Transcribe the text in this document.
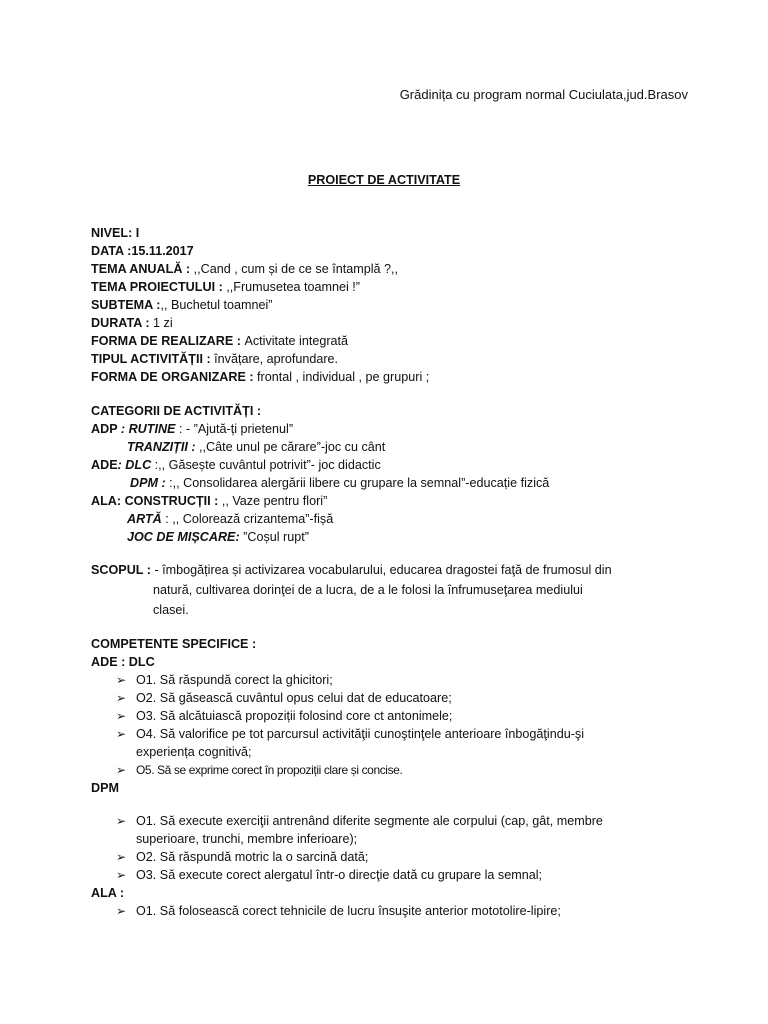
Grădinița cu program normal Cuciulata,jud.Brasov
PROIECT DE ACTIVITATE
NIVEL: I
DATA :15.11.2017
TEMA ANUALĂ : ,,Cand , cum și de ce se întamplă ?,,
TEMA PROIECTULUI : ,,Frumusetea toamnei !”
SUBTEMA :,, Buchetul toamnei”
DURATA : 1 zi
FORMA DE REALIZARE : Activitate integrată
TIPUL ACTIVITĂȚII : învățare, aprofundare.
FORMA DE ORGANIZARE : frontal , individual , pe grupuri ;
CATEGORII DE ACTIVITĂȚI :
ADP : RUTINE : - ”Ajută-ți prietenul”
TRANZIȚII : ,,Câte unul pe cărare”-joc cu cânt
ADE: DLC :,, Găsește cuvântul potrivit”- joc didactic
DPM : :,, Consolidarea alergării libere cu grupare la semnal”-educație fizică
ALA: CONSTRUCȚII : ,, Vaze pentru flori”
ARTĂ : ,, Colorează crizantema”-fișă
JOC DE MIȘCARE: ”Coșul rupt”
SCOPUL : - îmbogățirea și activizarea vocabularului, educarea dragostei faţă de frumosul din
natură, cultivarea dorinţei de a lucra, de a le folosi la înfrumuseţarea mediului
clasei.
COMPETENTE SPECIFICE :
ADE : DLC
➢ O1. Să răspundă corect la ghicitori;
➢ O2. Să găsească cuvântul opus celui dat de educatoare;
➢O3. Să alcătuiască propoziții folosind core ct antonimele;
➢ O4. Să valorifice pe tot parcursul activităţii cunoştinţele anterioare înbogăţindu-şi
experiența cognitivă;
➢ O5. Să se exprime corect în propoziții clare și concise.
DPM
➢ O1. Să execute exerciţii antrenând diferite segmente ale corpului (cap, gât, membre
superioare, trunchi, membre inferioare);
➢ O2. Să răspundă motric la o sarcină dată;
➢ O3. Să execute corect alergatul într-o direcţie dată cu grupare la semnal;
ALA :
➢ O1. Să folosească corect tehnicile de lucru însuşite anterior mototolire-lipire;
